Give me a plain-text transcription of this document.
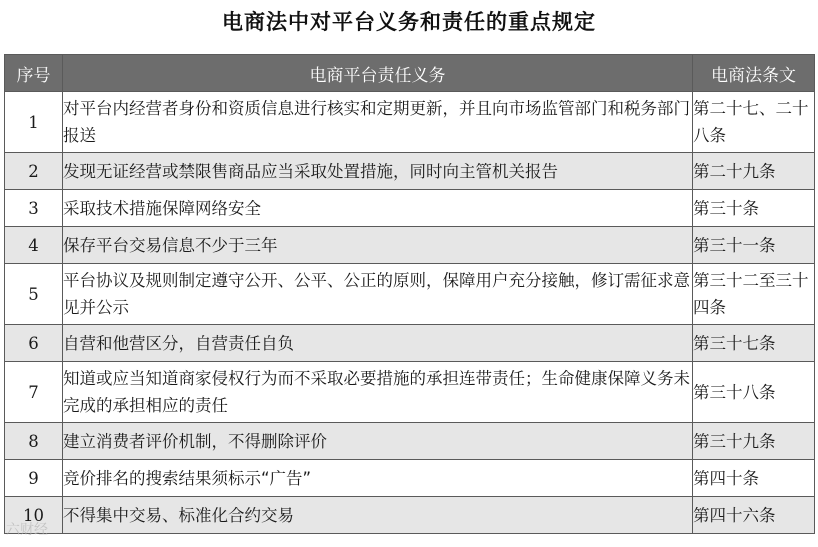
电商法中对平台义务和责任的重点规定
序号	电商平台责任义务	电商法条文
1	对平台内经营者身份和资质信息进行核实和定期更新，并且向市场监管部门和税务部门报送	第二十七、二十八条
2	发现无证经营或禁限售商品应当采取处置措施，同时向主管机关报告	第二十九条
3	采取技术措施保障网络安全	第三十条
4	保存平台交易信息不少于三年	第三十一条
5	平台协议及规则制定遵守公开、公平、公正的原则，保障用户充分接触，修订需征求意见并公示	第三十二至三十四条
6	自营和他营区分，自营责任自负	第三十七条
7	知道或应当知道商家侵权行为而不采取必要措施的承担连带责任；生命健康保障义务未完成的承担相应的责任	第三十八条
8	建立消费者评价机制，不得删除评价	第三十九条
9	竞价排名的搜索结果须标示“广告”	第四十条
10	不得集中交易、标准化合约交易	第四十六条
六财经
